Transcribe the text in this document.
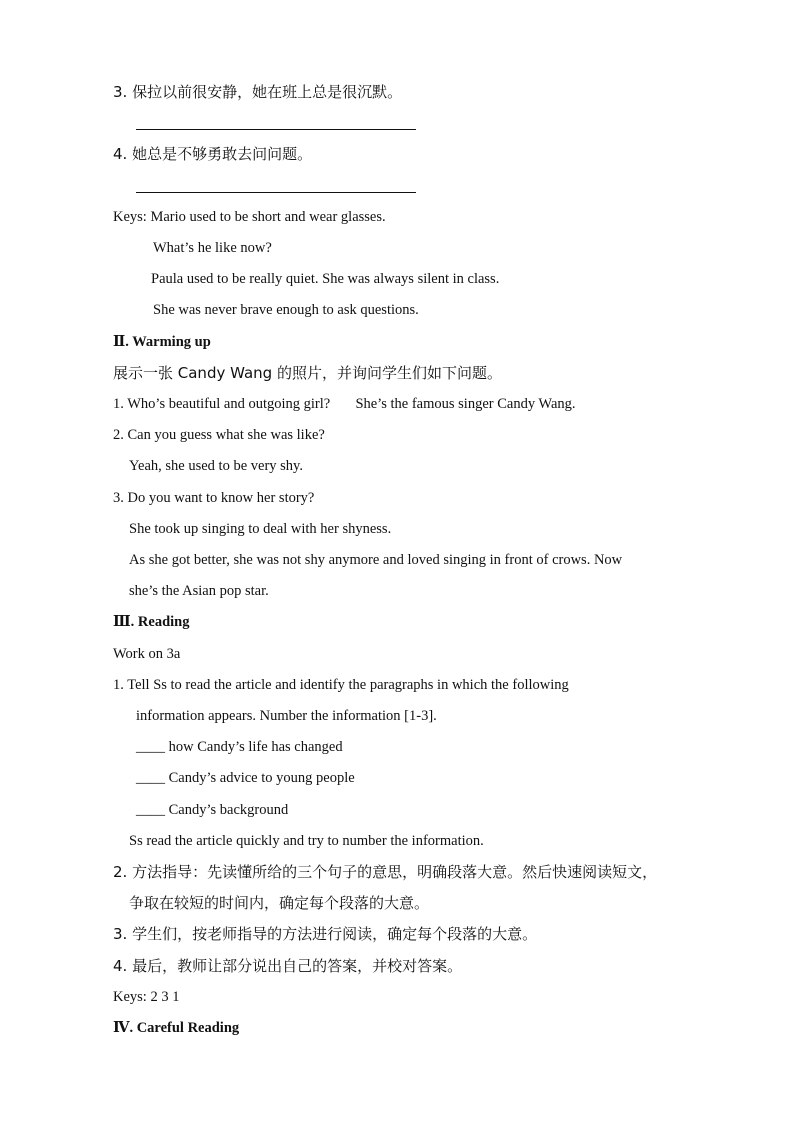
3. 保拉以前很安静，她在班上总是很沉默。
4. 她总是不够勇敢去问问题。
Keys: Mario used to be short and wear glasses.
What’s he like now?
Paula used to be really quiet. She was always silent in class.
She was never brave enough to ask questions.
Ⅱ. Warming up
展示一张 Candy Wang 的照片，并询问学生们如下问题。
1. Who’s beautiful and outgoing girl? She’s the famous singer Candy Wang.
2. Can you guess what she was like?
Yeah, she used to be very shy.
3. Do you want to know her story?
She took up singing to deal with her shyness.
As she got better, she was not shy anymore and loved singing in front of crows. Now
she’s the Asian pop star.
Ⅲ. Reading
Work on 3a
1. Tell Ss to read the article and identify the paragraphs in which the following
information appears. Number the information [1-3].
____ how Candy’s life has changed
____ Candy’s advice to young people
____ Candy’s background
Ss read the article quickly and try to number the information.
2. 方法指导：先读懂所给的三个句子的意思，明确段落大意。然后快速阅读短文，
争取在较短的时间内，确定每个段落的大意。
3. 学生们，按老师指导的方法进行阅读，确定每个段落的大意。
4. 最后，教师让部分说出自己的答案，并校对答案。
Keys: 2 3 1
Ⅳ. Careful Reading
